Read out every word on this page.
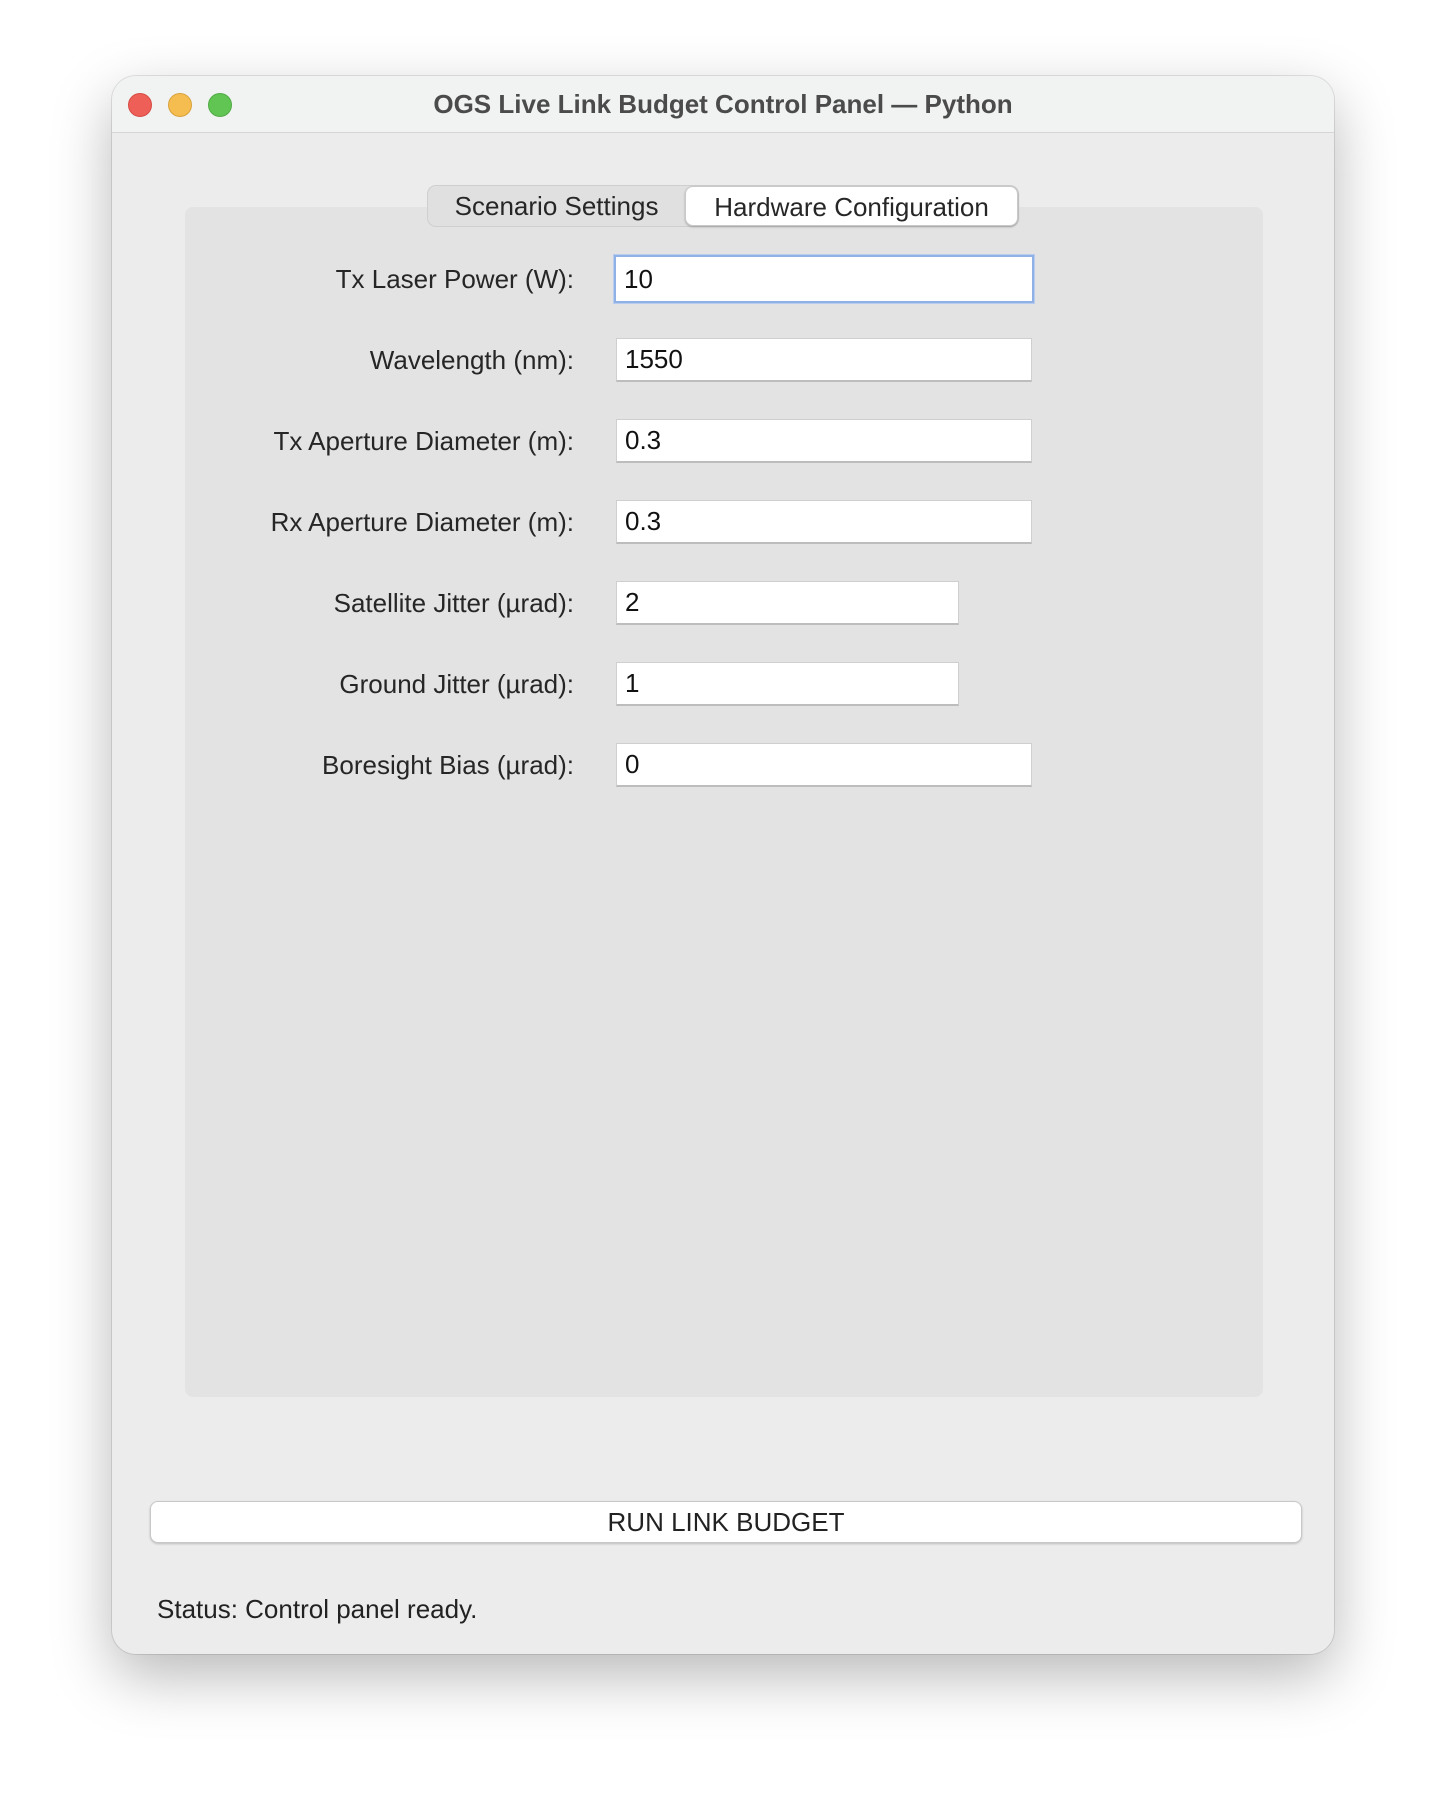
OGS Live Link Budget Control Panel — Python
Scenario Settings	Hardware Configuration
Tx Laser Power (W):
10
Wavelength (nm):
1550
Tx Aperture Diameter (m):
0.3
Rx Aperture Diameter (m):
0.3
Satellite Jitter (µrad):
2
Ground Jitter (µrad):
1
Boresight Bias (µrad):
0
RUN LINK BUDGET
Status: Control panel ready.
